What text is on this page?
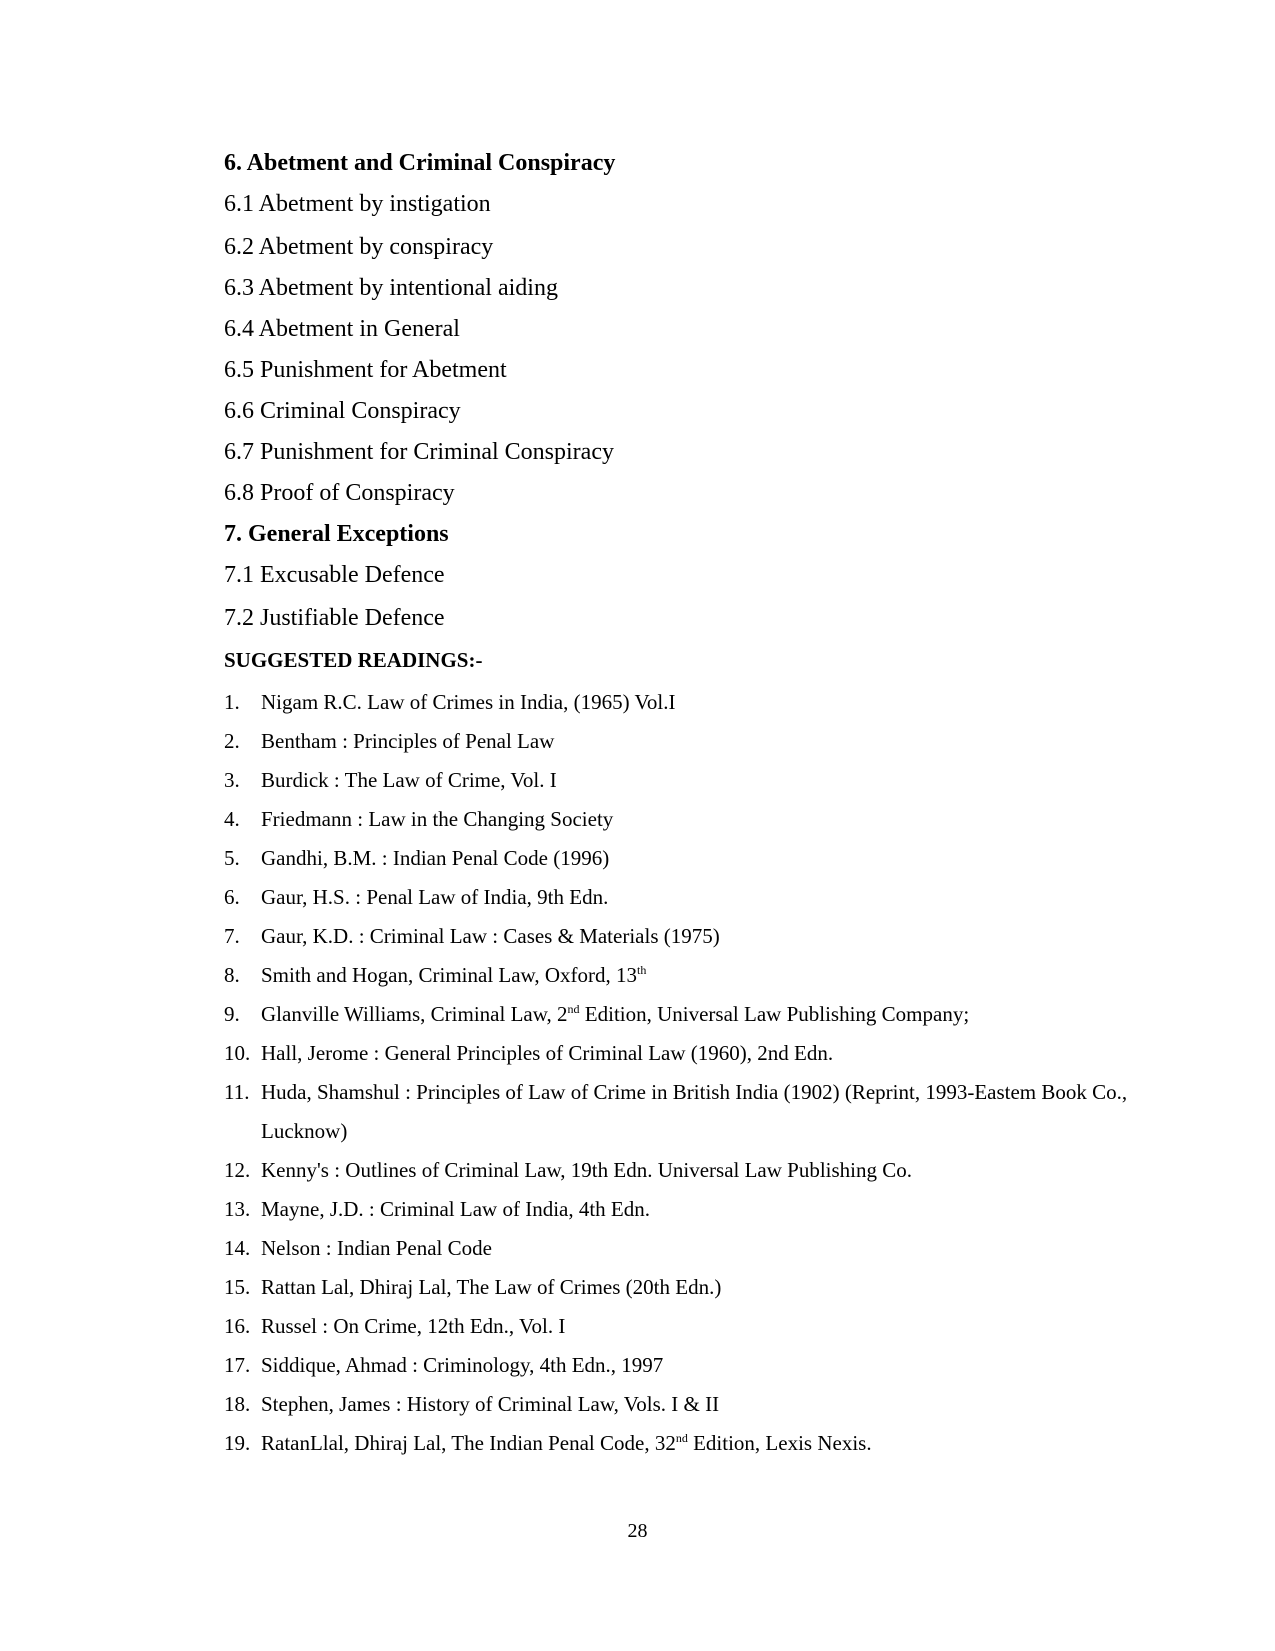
6. Abetment and Criminal Conspiracy
6.1 Abetment by instigation
6.2 Abetment by conspiracy
6.3 Abetment by intentional aiding
6.4 Abetment in General
6.5 Punishment for Abetment
6.6 Criminal Conspiracy
6.7 Punishment for Criminal Conspiracy
6.8 Proof of Conspiracy
7. General Exceptions
7.1 Excusable Defence
7.2 Justifiable Defence
SUGGESTED READINGS:-
1. Nigam R.C. Law of Crimes in India, (1965) Vol.I
2. Bentham : Principles of Penal Law
3. Burdick : The Law of Crime, Vol. I
4. Friedmann : Law in the Changing Society
5. Gandhi, B.M. : Indian Penal Code (1996)
6. Gaur, H.S. : Penal Law of India, 9th Edn.
7. Gaur, K.D. : Criminal Law : Cases & Materials (1975)
8. Smith and Hogan, Criminal Law, Oxford, 13th
9. Glanville Williams, Criminal Law, 2nd Edition, Universal Law Publishing Company;
10. Hall, Jerome : General Principles of Criminal Law (1960), 2nd Edn.
11. Huda, Shamshul : Principles of Law of Crime in British India (1902) (Reprint, 1993-Eastem Book Co., Lucknow)
12. Kenny's : Outlines of Criminal Law, 19th Edn. Universal Law Publishing Co.
13. Mayne, J.D. : Criminal Law of India, 4th Edn.
14. Nelson : Indian Penal Code
15. Rattan Lal, Dhiraj Lal, The Law of Crimes (20th Edn.)
16. Russel : On Crime, 12th Edn., Vol. I
17. Siddique, Ahmad : Criminology, 4th Edn., 1997
18. Stephen, James : History of Criminal Law, Vols. I & II
19. RatanLlal, Dhiraj Lal, The Indian Penal Code, 32nd Edition, Lexis Nexis.
28
